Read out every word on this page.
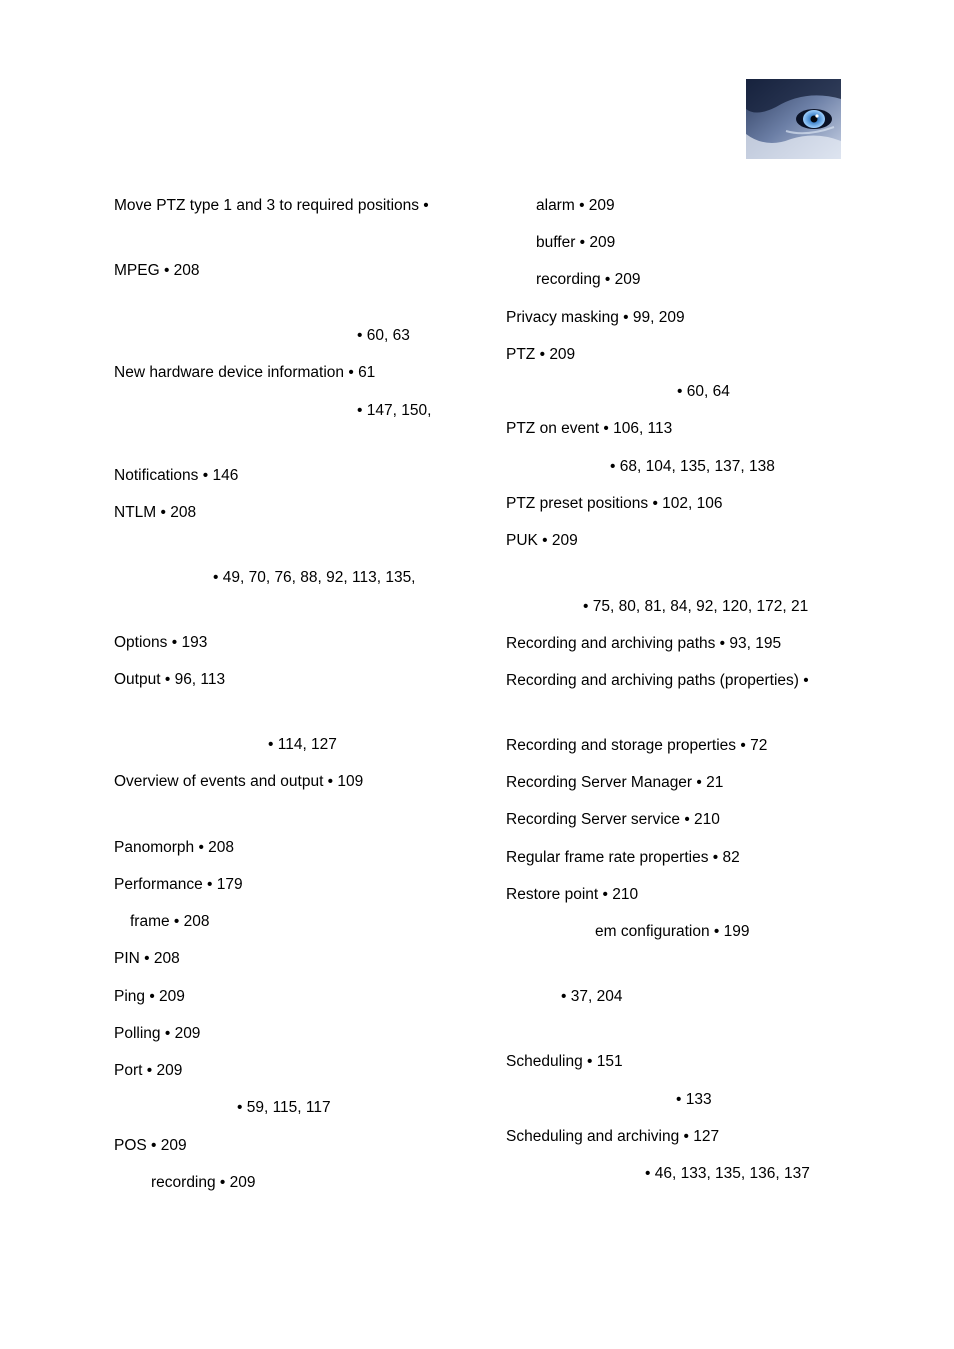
Move PTZ type 1 and 3 to required positions •
MPEG • 208
• 60, 63
New hardware device information • 61
• 147, 150,
Notifications • 146
NTLM • 208
• 49, 70, 76, 88, 92, 113, 135,
Options • 193
Output • 96, 113
• 114, 127
Overview of events and output • 109
Panomorph • 208
Performance • 179
frame • 208
PIN • 208
Ping • 209
Polling • 209
Port • 209
• 59, 115, 117
POS • 209
recording • 209
alarm • 209
buffer • 209
recording • 209
Privacy masking • 99, 209
PTZ • 209
• 60, 64
PTZ on event • 106, 113
• 68, 104, 135, 137, 138
PTZ preset positions • 102, 106
PUK • 209
• 75, 80, 81, 84, 92, 120, 172, 21
Recording and archiving paths • 93, 195
Recording and archiving paths (properties) •
Recording and storage properties • 72
Recording Server Manager • 21
Recording Server service • 210
Regular frame rate properties • 82
Restore point • 210
em configuration • 199
• 37, 204
Scheduling • 151
• 133
Scheduling and archiving • 127
• 46, 133, 135, 136, 137
